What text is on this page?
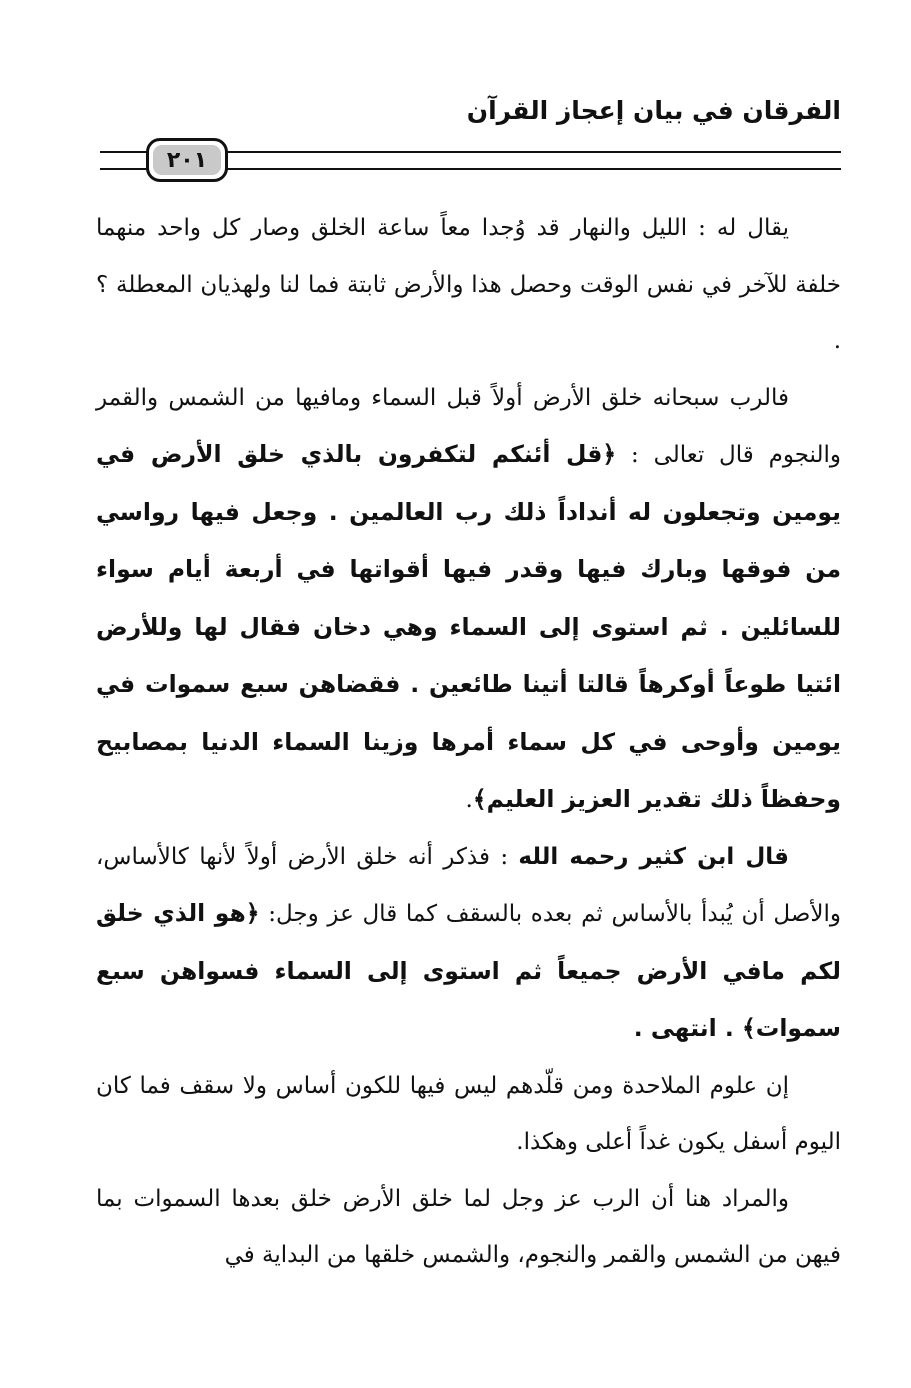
الفرقان في بيان إعجاز القرآن
٢٠١

يقال له : الليل والنهار قد وُجدا معاً ساعة الخلق وصار كل واحد منهما خلفة للآخر في نفس الوقت وحصل هذا والأرض ثابتة فما لنا ولهذيان المعطلة ؟ .

فالرب سبحانه خلق الأرض أولاً قبل السماء ومافيها من الشمس والقمر والنجوم قال تعالى : ﴿قل أئنكم لتكفرون بالذي خلق الأرض في يومين وتجعلون له أنداداً ذلك رب العالمين . وجعل فيها رواسي من فوقها وبارك فيها وقدر فيها أقواتها في أربعة أيام سواء للسائلين . ثم استوى إلى السماء وهي دخان فقال لها وللأرض ائتيا طوعاً أوكرهاً قالتا أتينا طائعين . فقضاهن سبع سموات في يومين وأوحى في كل سماء أمرها وزينا السماء الدنيا بمصابيح وحفظاً ذلك تقدير العزيز العليم﴾.

قال ابن كثير رحمه الله : فذكر أنه خلق الأرض أولاً لأنها كالأساس، والأصل أن يُبدأ بالأساس ثم بعده بالسقف كما قال عز وجل: ﴿هو الذي خلق لكم مافي الأرض جميعاً ثم استوى إلى السماء فسواهن سبع سموات﴾ . انتهى .

إن علوم الملاحدة ومن قلّدهم ليس فيها للكون أساس ولا سقف فما كان اليوم أسفل يكون غداً أعلى وهكذا.

والمراد هنا أن الرب عز وجل لما خلق الأرض خلق بعدها السموات بما فيهن من الشمس والقمر والنجوم، والشمس خلقها من البداية في
